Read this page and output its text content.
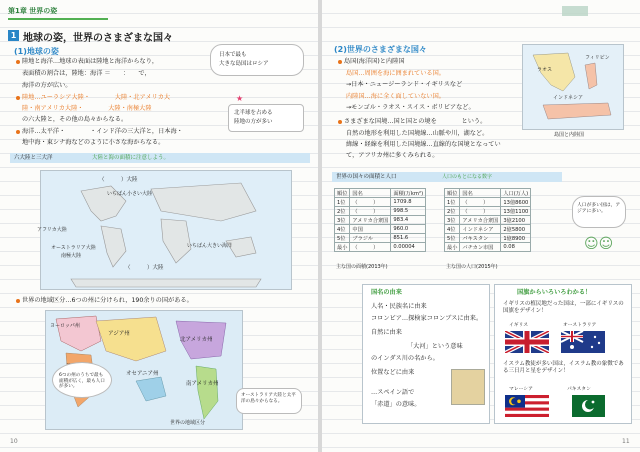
第1章 世界の姿
1 地球の姿，世界のさまざまな国々
(1)地球の姿
陸地と海洋…地球の表面は陸地と海洋からなり，
表面積の割合は，陸地：海洋 ＝　　：　　で，
海洋の方が広い。
陸地…ユーラシア大陸・　　　　大陸・北アメリカ大
陸・南アメリカ大陸・　　　　大陸・南極大陸
の六大陸と，その他の島々からなる。
海洋…太平洋・　　　　・インド洋の三大洋と，日本海・
地中海・東シナ海などのように小さな海からなる。
日本で最も
大きな島国はロシア
★
北半球を占める
陸地の方が多い
六大陸と三大洋	大陸と海の面積に注意しよう。
（　　　）大陸
いちばん小さい大陸
アフリカ大陸
オーストラリア大陸
南極大陸
（　　　）大陸
いちばん大きい海洋
世界の地域区分…6つの州に分けられ，190余りの国がある。
アジア州
ヨーロッパ州
北アメリカ州
南アメリカ州
オセアニア州
6つの州のうちで最も面積が広く，最も人口が多い。
オーストラリア大陸と太平洋の島々からなる。
世界の地域区分
10
(2)世界のさまざまな国々
島国(海洋国)と内陸国
島国…周囲を海に囲まれている国。
→日本・ニュージーランド・イギリスなど
内陸国…海に全く面していない国。
→モンゴル・ラオス・スイス・ボリビアなど。
ラオス
フィリピン
インドネシア
島国と内陸国
さまざまな国境…国と国との境を　　　　という。
自然の地形を利用した国境線…山脈や川，湖など。
緯線・経線を利用した国境線…直線的な国境となってい
て，アフリカ州に多くみられる。
世界の国々の面積と人口	人口のもとになる数字
順位	国名	面積(万km²)
1位	（　　　）	1709.8
2位	（　　　）	998.5
3位	アメリカ合衆国	983.4
4位	中国	960.0
5位	ブラジル	851.6
最小	（　　　）	0.00004
主な国の面積(2013年)
順位	国名	人口(万人)
1位	（　　　）	13億8600
2位	（　　　）	13億1100
3位	アメリカ合衆国	3億2100
4位	インドネシア	2億5800
5位	パキスタン	1億8900
最小	バチカン市国	0.08
主な国の人口(2015年)
人口が多い国は，アジアに多い。
☺☺
国名の由来
人名・民族名に由来
コロンビア…探検家コロンブスに由来。
自然に由来
「大河」という意味
のインダス川の名から。
位置などに由来
…スペイン語で
「赤道」の意味。
国旗からいろいろわかる！
イギリスの植民地だった国は，一部にイギリスの国旗をデザイン！
イギリス	オーストラリア
イスラム教徒が多い国は，イスラム教の象徴である三日月と星をデザイン！
マレーシア	パキスタン
11
